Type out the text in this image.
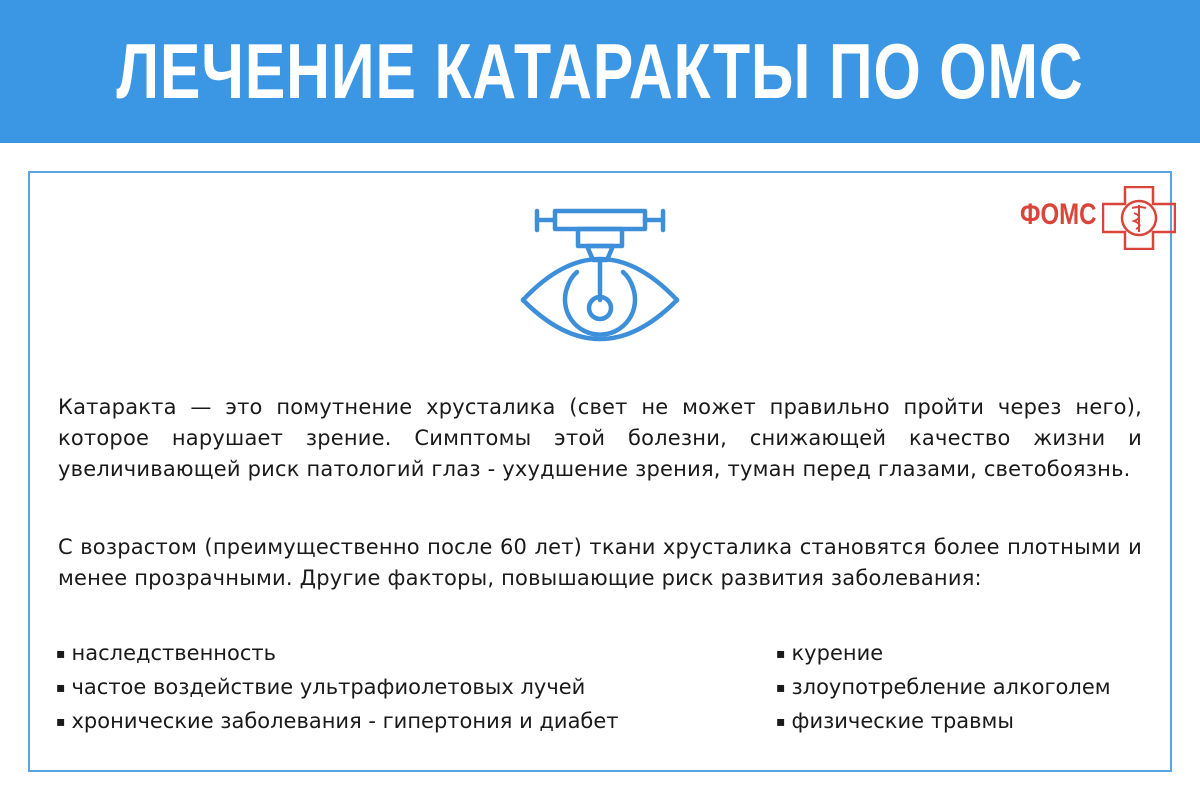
ЛЕЧЕНИЕ КАТАРАКТЫ ПО ОМС
ФОМС

Катаракта — это помутнение хрусталика (свет не может правильно пройти через него), которое нарушает зрение. Симптомы этой болезни, снижающей качество жизни и увеличивающей риск патологий глаз - ухудшение зрения, туман перед глазами, светобоязнь.

С возрастом (преимущественно после 60 лет) ткани хрусталика становятся более плотными и менее прозрачными. Другие факторы, повышающие риск развития заболевания:

▪ наследственность
▪ частое воздействие ультрафиолетовых лучей
▪ хронические заболевания - гипертония и диабет
▪ курение
▪ злоупотребление алкоголем
▪ физические травмы
